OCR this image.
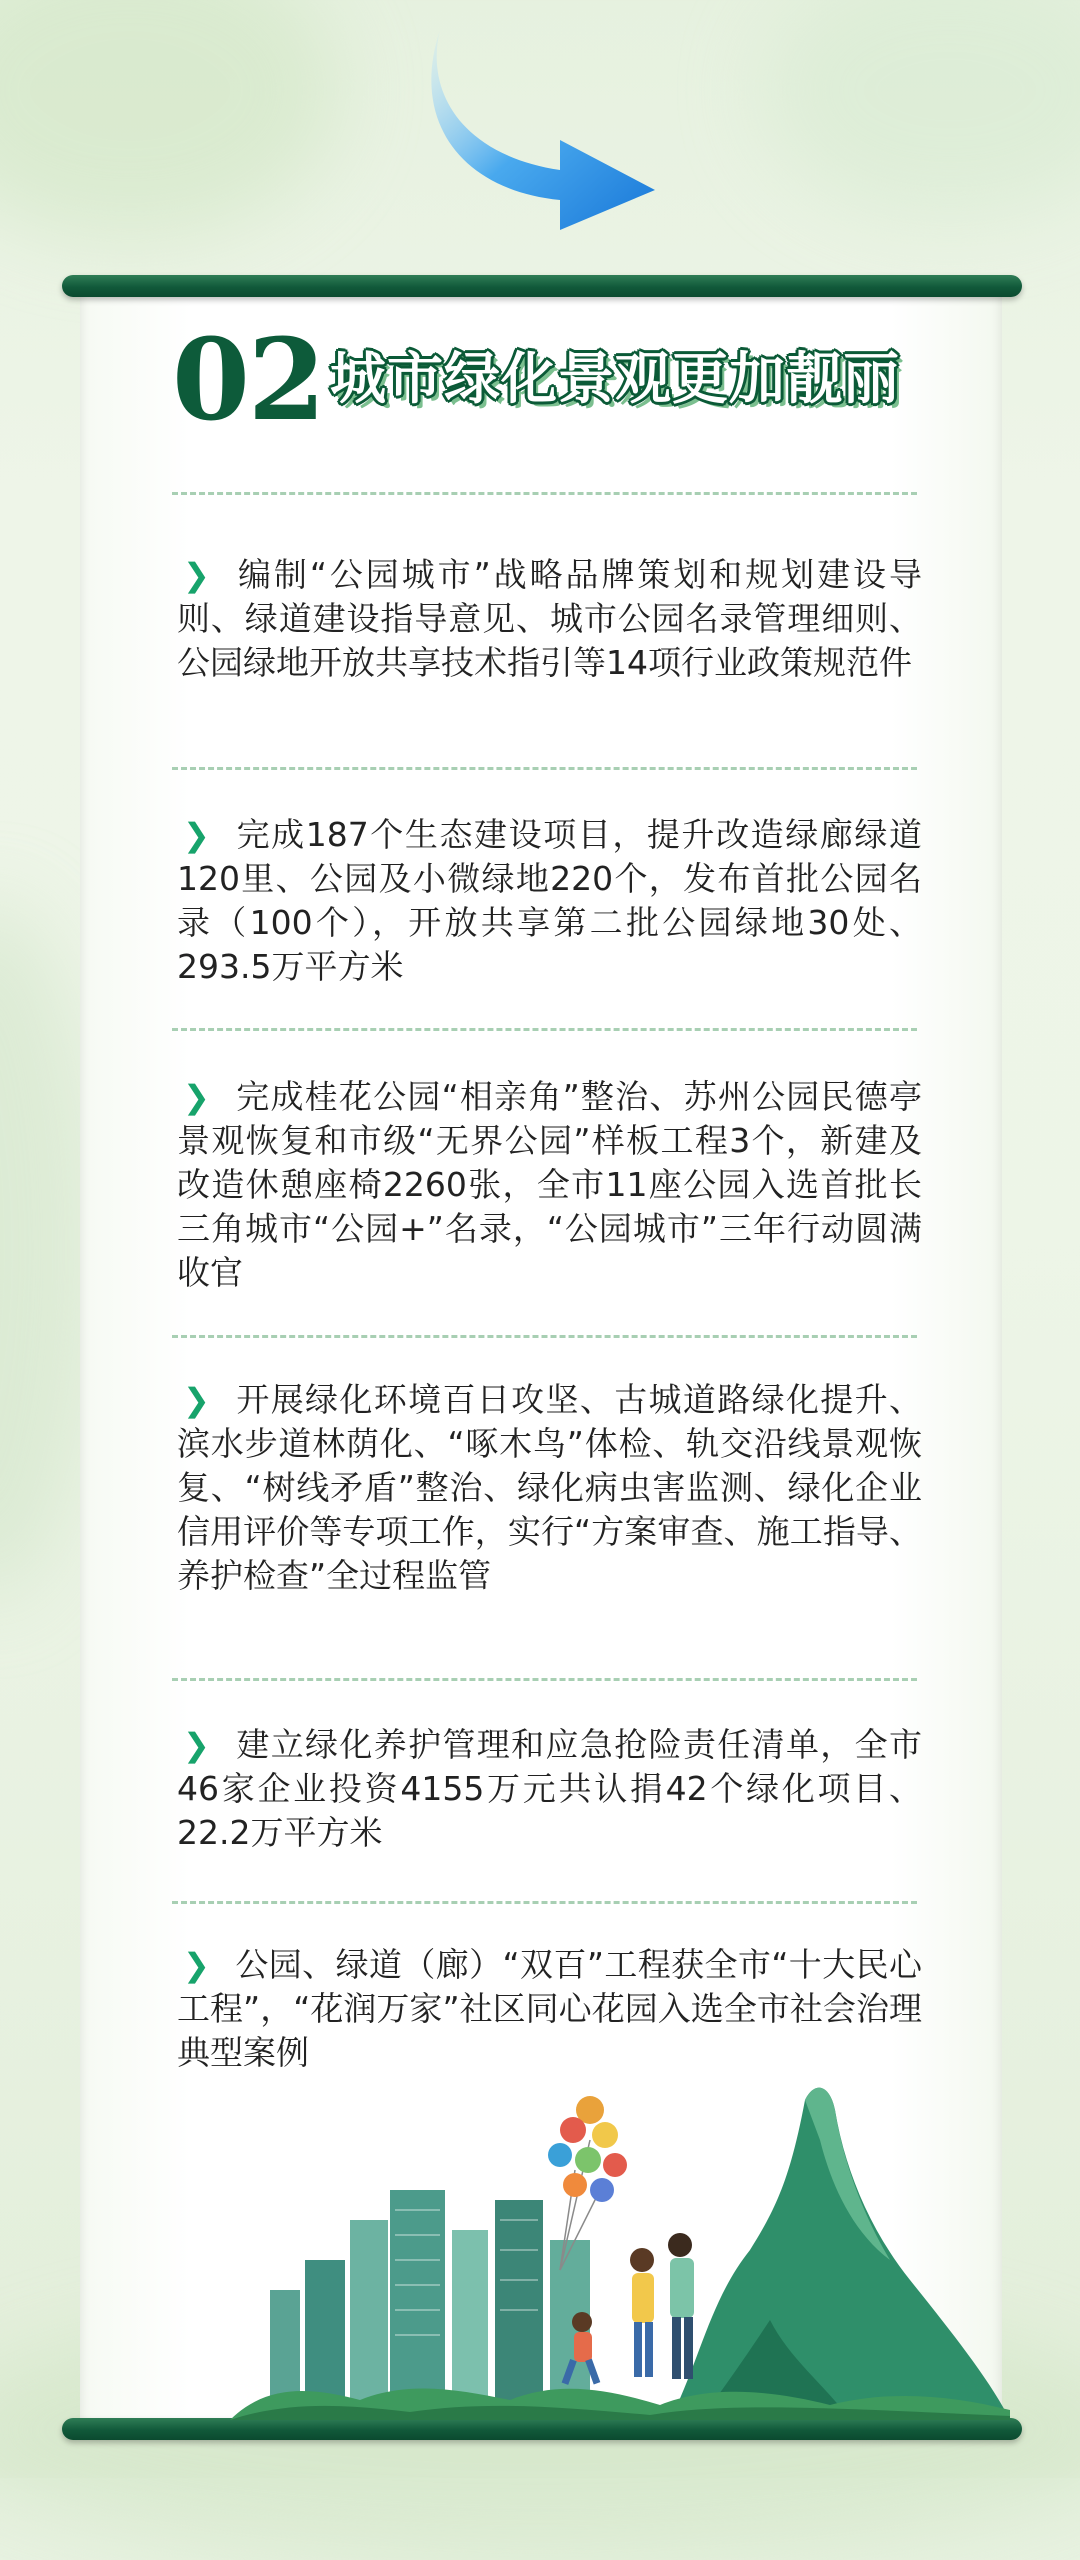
02 城市绿化景观更加靓丽
❯ 编制“公园城市”战略品牌策划和规划建设导则、绿道建设指导意见、城市公园名录管理细则、公园绿地开放共享技术指引等14项行业政策规范件
❯ 完成187个生态建设项目，提升改造绿廊绿道120里、公园及小微绿地220个，发布首批公园名录（100个），开放共享第二批公园绿地30处、293.5万平方米
❯ 完成桂花公园“相亲角”整治、苏州公园民德亭景观恢复和市级“无界公园”样板工程3个，新建及改造休憩座椅2260张，全市11座公园入选首批长三角城市“公园+”名录，“公园城市”三年行动圆满收官
❯ 开展绿化环境百日攻坚、古城道路绿化提升、滨水步道林荫化、“啄木鸟”体检、轨交沿线景观恢复、“树线矛盾”整治、绿化病虫害监测、绿化企业信用评价等专项工作，实行“方案审查、施工指导、养护检查”全过程监管
❯ 建立绿化养护管理和应急抢险责任清单，全市46家企业投资4155万元共认捐42个绿化项目、22.2万平方米
❯ 公园、绿道（廊）“双百”工程获全市“十大民心工程”，“花润万家”社区同心花园入选全市社会治理典型案例
